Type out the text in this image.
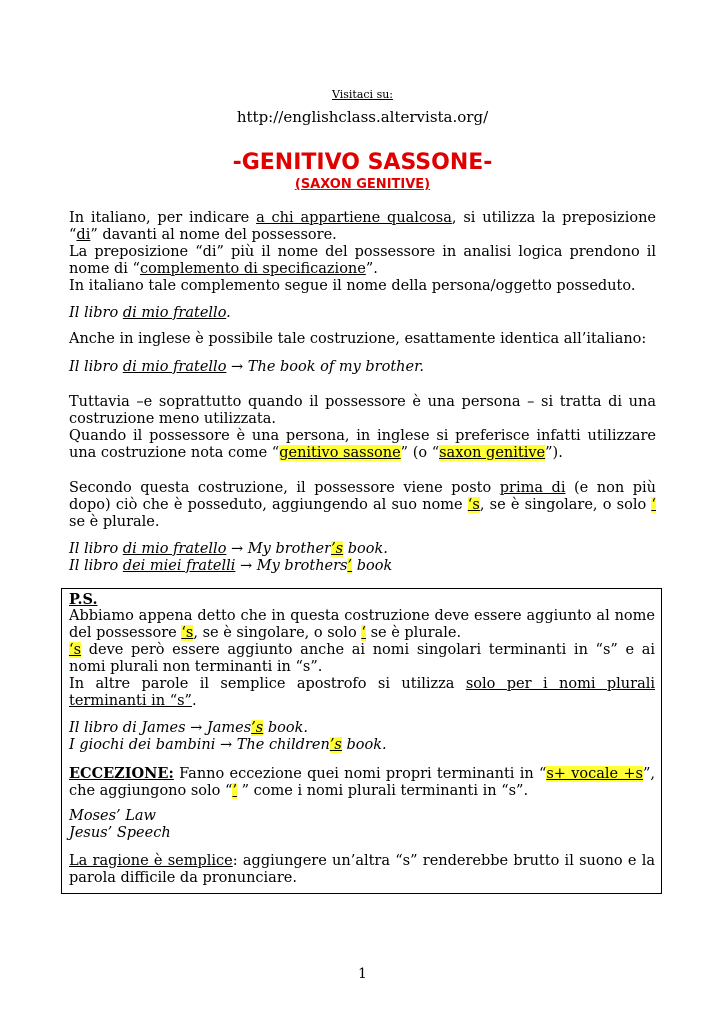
Visitaci su:
http://englishclass.altervista.org/
-GENITIVO SASSONE-
(SAXON GENITIVE)

In italiano, per indicare a chi appartiene qualcosa, si utilizza la preposizione “di” davanti al nome del possessore.

La preposizione “di” più il nome del possessore in analisi logica prendono il nome di “complemento di specificazione”.

In italiano tale complemento segue il nome della persona/oggetto posseduto.

Il libro di mio fratello.

Anche in inglese è possibile tale costruzione, esattamente identica all’italiano:

Il libro di mio fratello → The book of my brother.

Tuttavia –e soprattutto quando il possessore è una persona – si tratta di una costruzione meno utilizzata.

Quando il possessore è una persona, in inglese si preferisce infatti utilizzare una costruzione nota come “genitivo sassone” (o “saxon genitive”).

Secondo questa costruzione, il possessore viene posto prima di (e non più dopo) ciò che è posseduto, aggiungendo al suo nome ‘s, se è singolare, o solo ‘ se è plurale.

Il libro di mio fratello → My brother’s book.

Il libro dei miei fratelli → My brothers’ book

P.S.

Abbiamo appena detto che in questa costruzione deve essere aggiunto al nome del possessore ‘s, se è singolare, o solo ‘ se è plurale.

‘s deve però essere aggiunto anche ai nomi singolari terminanti in “s” e ai nomi plurali non terminanti in “s”.

In altre parole il semplice apostrofo si utilizza solo per i nomi plurali terminanti in “s”.

Il libro di James → James’s book.

I giochi dei bambini → The children’s book.

ECCEZIONE: Fanno eccezione quei nomi propri terminanti in “s+ vocale +s”, che aggiungono solo “’ ” come i nomi plurali terminanti in “s”.

Moses’ Law

Jesus’ Speech

La ragione è semplice: aggiungere un’altra “s” renderebbe brutto il suono e la parola difficile da pronunciare.

1
